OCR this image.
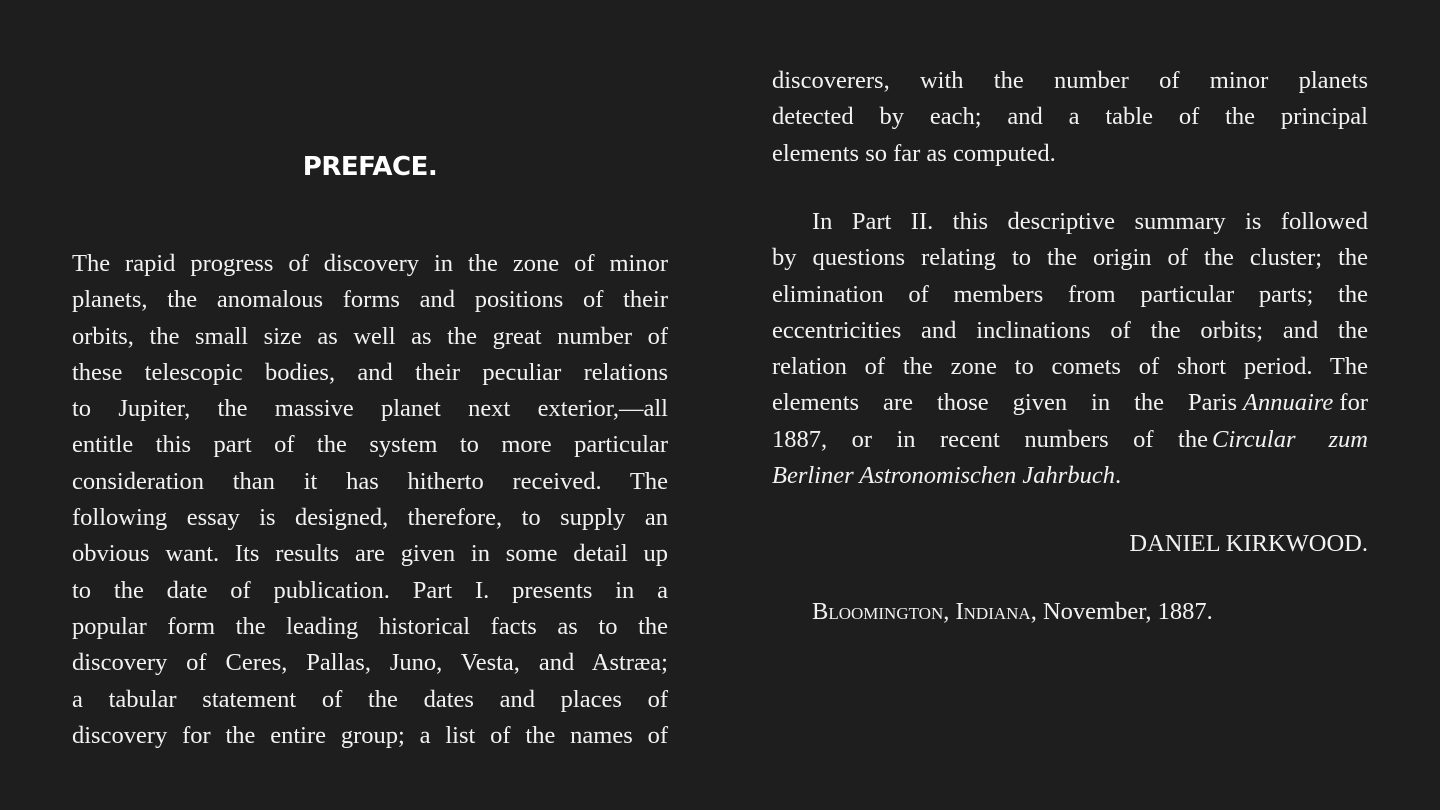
PREFACE.
The rapid progress of discovery in the zone of minor
planets, the anomalous forms and positions of their
orbits, the small size as well as the great number of
these telescopic bodies, and their peculiar relations
to Jupiter, the massive planet next exterior,—all
entitle this part of the system to more particular
consideration than it has hitherto received. The
following essay is designed, therefore, to supply an
obvious want. Its results are given in some detail up
to the date of publication. Part I. presents in a
popular form the leading historical facts as to the
discovery of Ceres, Pallas, Juno, Vesta, and Astræa;
a tabular statement of the dates and places of
discovery for the entire group; a list of the names of
discoverers, with the number of minor planets
detected by each; and a table of the principal
elements so far as computed.
In Part II. this descriptive summary is followed
by questions relating to the origin of the cluster; the
elimination of members from particular parts; the
eccentricities and inclinations of the orbits; and the
relation of the zone to comets of short period. The
elements are those given in the Paris Annuaire for
1887, or in recent numbers of the Circular zum
Berliner Astronomischen Jahrbuch.
DANIEL KIRKWOOD.
Bloomington, Indiana, November, 1887.
